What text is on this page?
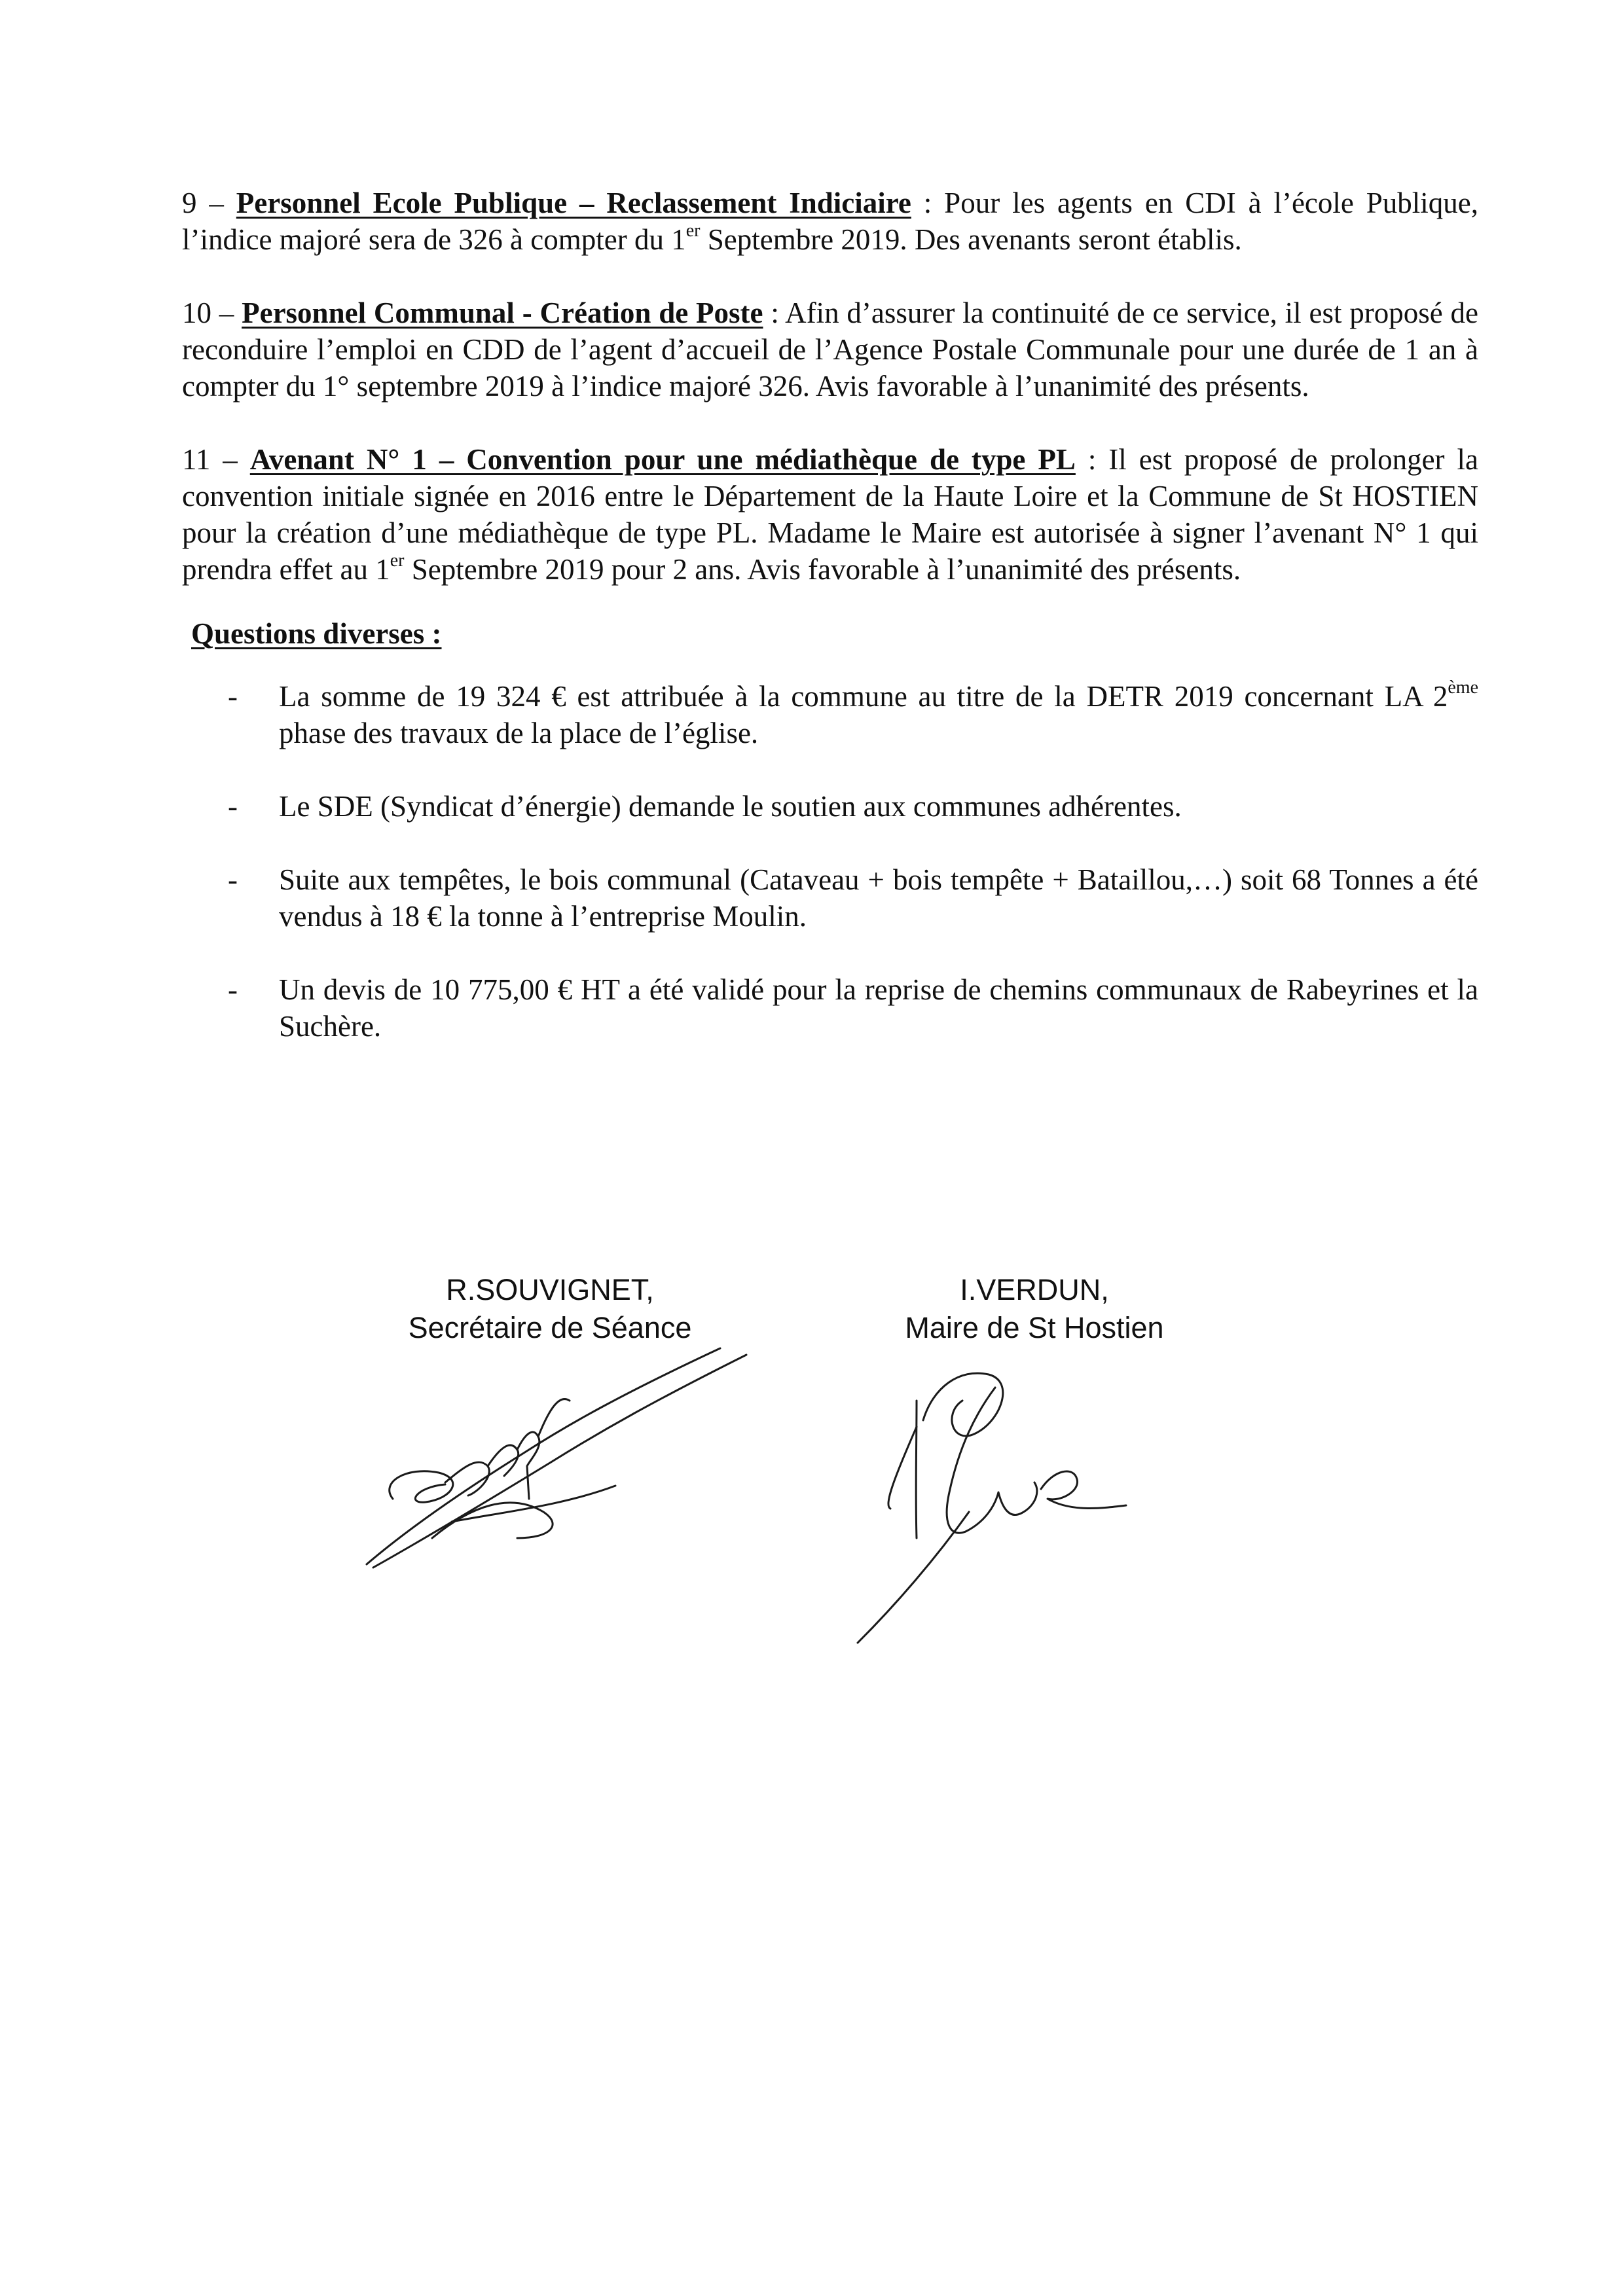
9 – Personnel Ecole Publique – Reclassement Indiciaire : Pour les agents en CDI à l’école Publique, l’indice majoré sera de 326 à compter du 1er Septembre 2019. Des avenants seront établis.

10 – Personnel Communal - Création de Poste : Afin d’assurer la continuité de ce service, il est proposé de reconduire l’emploi en CDD de l’agent d’accueil de l’Agence Postale Communale pour une durée de 1 an à compter du 1° septembre 2019 à l’indice majoré 326. Avis favorable à l’unanimité des présents.

11 – Avenant N° 1 – Convention pour une médiathèque de type PL : Il est proposé de prolonger la convention initiale signée en 2016 entre le Département de la Haute Loire et la Commune de St HOSTIEN pour la création d’une médiathèque de type PL. Madame le Maire est autorisée à signer l’avenant N° 1 qui prendra effet au 1er Septembre 2019 pour 2 ans. Avis favorable à l’unanimité des présents.

Questions diverses :
- La somme de 19 324 € est attribuée à la commune au titre de la DETR 2019 concernant LA 2ème phase des travaux de la place de l’église.
- Le SDE (Syndicat d’énergie) demande le soutien aux communes adhérentes.
- Suite aux tempêtes, le bois communal (Cataveau + bois tempête + Bataillou,…) soit 68 Tonnes a été vendus à 18 € la tonne à l’entreprise Moulin.
- Un devis de 10 775,00 € HT a été validé pour la reprise de chemins communaux de Rabeyrines et la Suchère.
R.SOUVIGNET,
Secrétaire de Séance
I.VERDUN,
Maire de St Hostien
